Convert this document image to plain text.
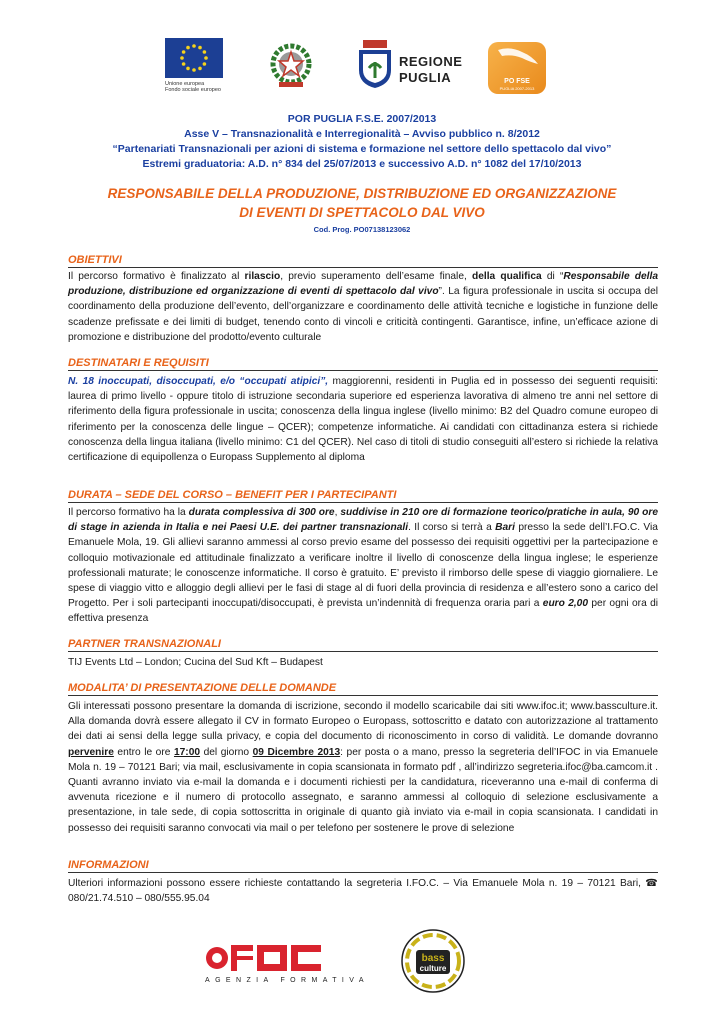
Unione europea
Fondo sociale europeo
REGIONE
PUGLIA	PO FSE
PUGLIA 2007-2013
POR PUGLIA F.S.E. 2007/2013
Asse V – Transnazionalità e Interregionalità – Avviso pubblico n. 8/2012
“Partenariati Transnazionali per azioni di sistema e formazione nel settore dello spettacolo dal vivo”
Estremi graduatoria: A.D. n° 834 del 25/07/2013 e successivo A.D. n° 1082 del 17/10/2013
RESPONSABILE DELLA PRODUZIONE, DISTRIBUZIONE ED ORGANIZZAZIONE
DI EVENTI DI SPETTACOLO DAL VIVO
Cod. Prog. PO07138123062
OBIETTIVI
Il percorso formativo è finalizzato al rilascio, previo superamento dell’esame finale, della qualifica di “Responsabile della produzione, distribuzione ed organizzazione di eventi di spettacolo dal vivo”. La figura professionale in uscita si occupa del coordinamento della produzione dell’evento, dell’organizzare e coordinamento delle attività tecniche e logistiche in funzione delle scadenze prefissate e dei limiti di budget, tenendo conto di vincoli e criticità contingenti. Garantisce, infine, un’efficace azione di promozione e distribuzione del prodotto/evento culturale
DESTINATARI E REQUISITI
N. 18 inoccupati, disoccupati, e/o “occupati atipici”, maggiorenni, residenti in Puglia ed in possesso dei seguenti requisiti: laurea di primo livello - oppure titolo di istruzione secondaria superiore ed esperienza lavorativa di almeno tre anni nel settore di riferimento della figura professionale in uscita; conoscenza della lingua inglese (livello minimo: B2 del Quadro comune europeo di riferimento per la conoscenza delle lingue – QCER); competenze informatiche. Ai candidati con cittadinanza estera si richiede conoscenza della lingua italiana (livello minimo: C1 del QCER). Nel caso di titoli di studio conseguiti all’estero si richiede la relativa certificazione di equipollenza o Europass Supplemento al diploma
DURATA – SEDE DEL CORSO – BENEFIT PER I PARTECIPANTI
Il percorso formativo ha la durata complessiva di 300 ore, suddivise in 210 ore di formazione teorico/pratiche in aula, 90 ore di stage in azienda in Italia e nei Paesi U.E. dei partner transnazionali. Il corso si terrà a Bari presso la sede dell’I.FO.C. Via Emanuele Mola, 19. Gli allievi saranno ammessi al corso previo esame del possesso dei requisiti oggettivi per la partecipazione e colloquio motivazionale ed attitudinale finalizzato a verificare inoltre il livello di conoscenze della lingua inglese; le esperienze professionali maturate; le conoscenze informatiche. Il corso è gratuito. E’ previsto il rimborso delle spese di viaggio giornaliere. Le spese di viaggio vitto e alloggio degli allievi per le fasi di stage al di fuori della provincia di residenza e all’estero sono a carico del Progetto. Per i soli partecipanti inoccupati/disoccupati, è prevista un’indennità di frequenza oraria pari a euro 2,00 per ogni ora di effettiva presenza
PARTNER TRANSNAZIONALI
TIJ Events Ltd – London; Cucina del Sud Kft – Budapest
MODALITA’ DI PRESENTAZIONE DELLE DOMANDE
Gli interessati possono presentare la domanda di iscrizione, secondo il modello scaricabile dai siti www.ifoc.it; www.bassculture.it. Alla domanda dovrà essere allegato il CV in formato Europeo o Europass, sottoscritto e datato con autorizzazione al trattamento dei dati ai sensi della legge sulla privacy, e copia del documento di riconoscimento in corso di validità. Le domande dovranno pervenire entro le ore 17:00 del giorno 09 Dicembre 2013: per posta o a mano, presso la segreteria dell’IFOC in via Emanuele Mola n. 19 – 70121 Bari; via mail, esclusivamente in copia scansionata in formato pdf , all’indirizzo segreteria.ifoc@ba.camcom.it . Quanti avranno inviato via e-mail la domanda e i documenti richiesti per la candidatura, riceveranno una e-mail di conferma di avvenuta ricezione e il numero di protocollo assegnato, e saranno ammessi al colloquio di selezione esclusivamente a presentazione, in tale sede, di copia sottoscritta in originale di quanto già inviato via e-mail in copia scansionata. I candidati in possesso dei requisiti saranno convocati via mail o per telefono per sostenere le prove di selezione
INFORMAZIONI
Ulteriori informazioni possono essere richieste contattando la segreteria I.FO.C. – Via Emanuele Mola n. 19 – 70121 Bari, ☎ 080/21.74.510 – 080/555.95.04
AGENZIA FORMATIVA
bass
culture
